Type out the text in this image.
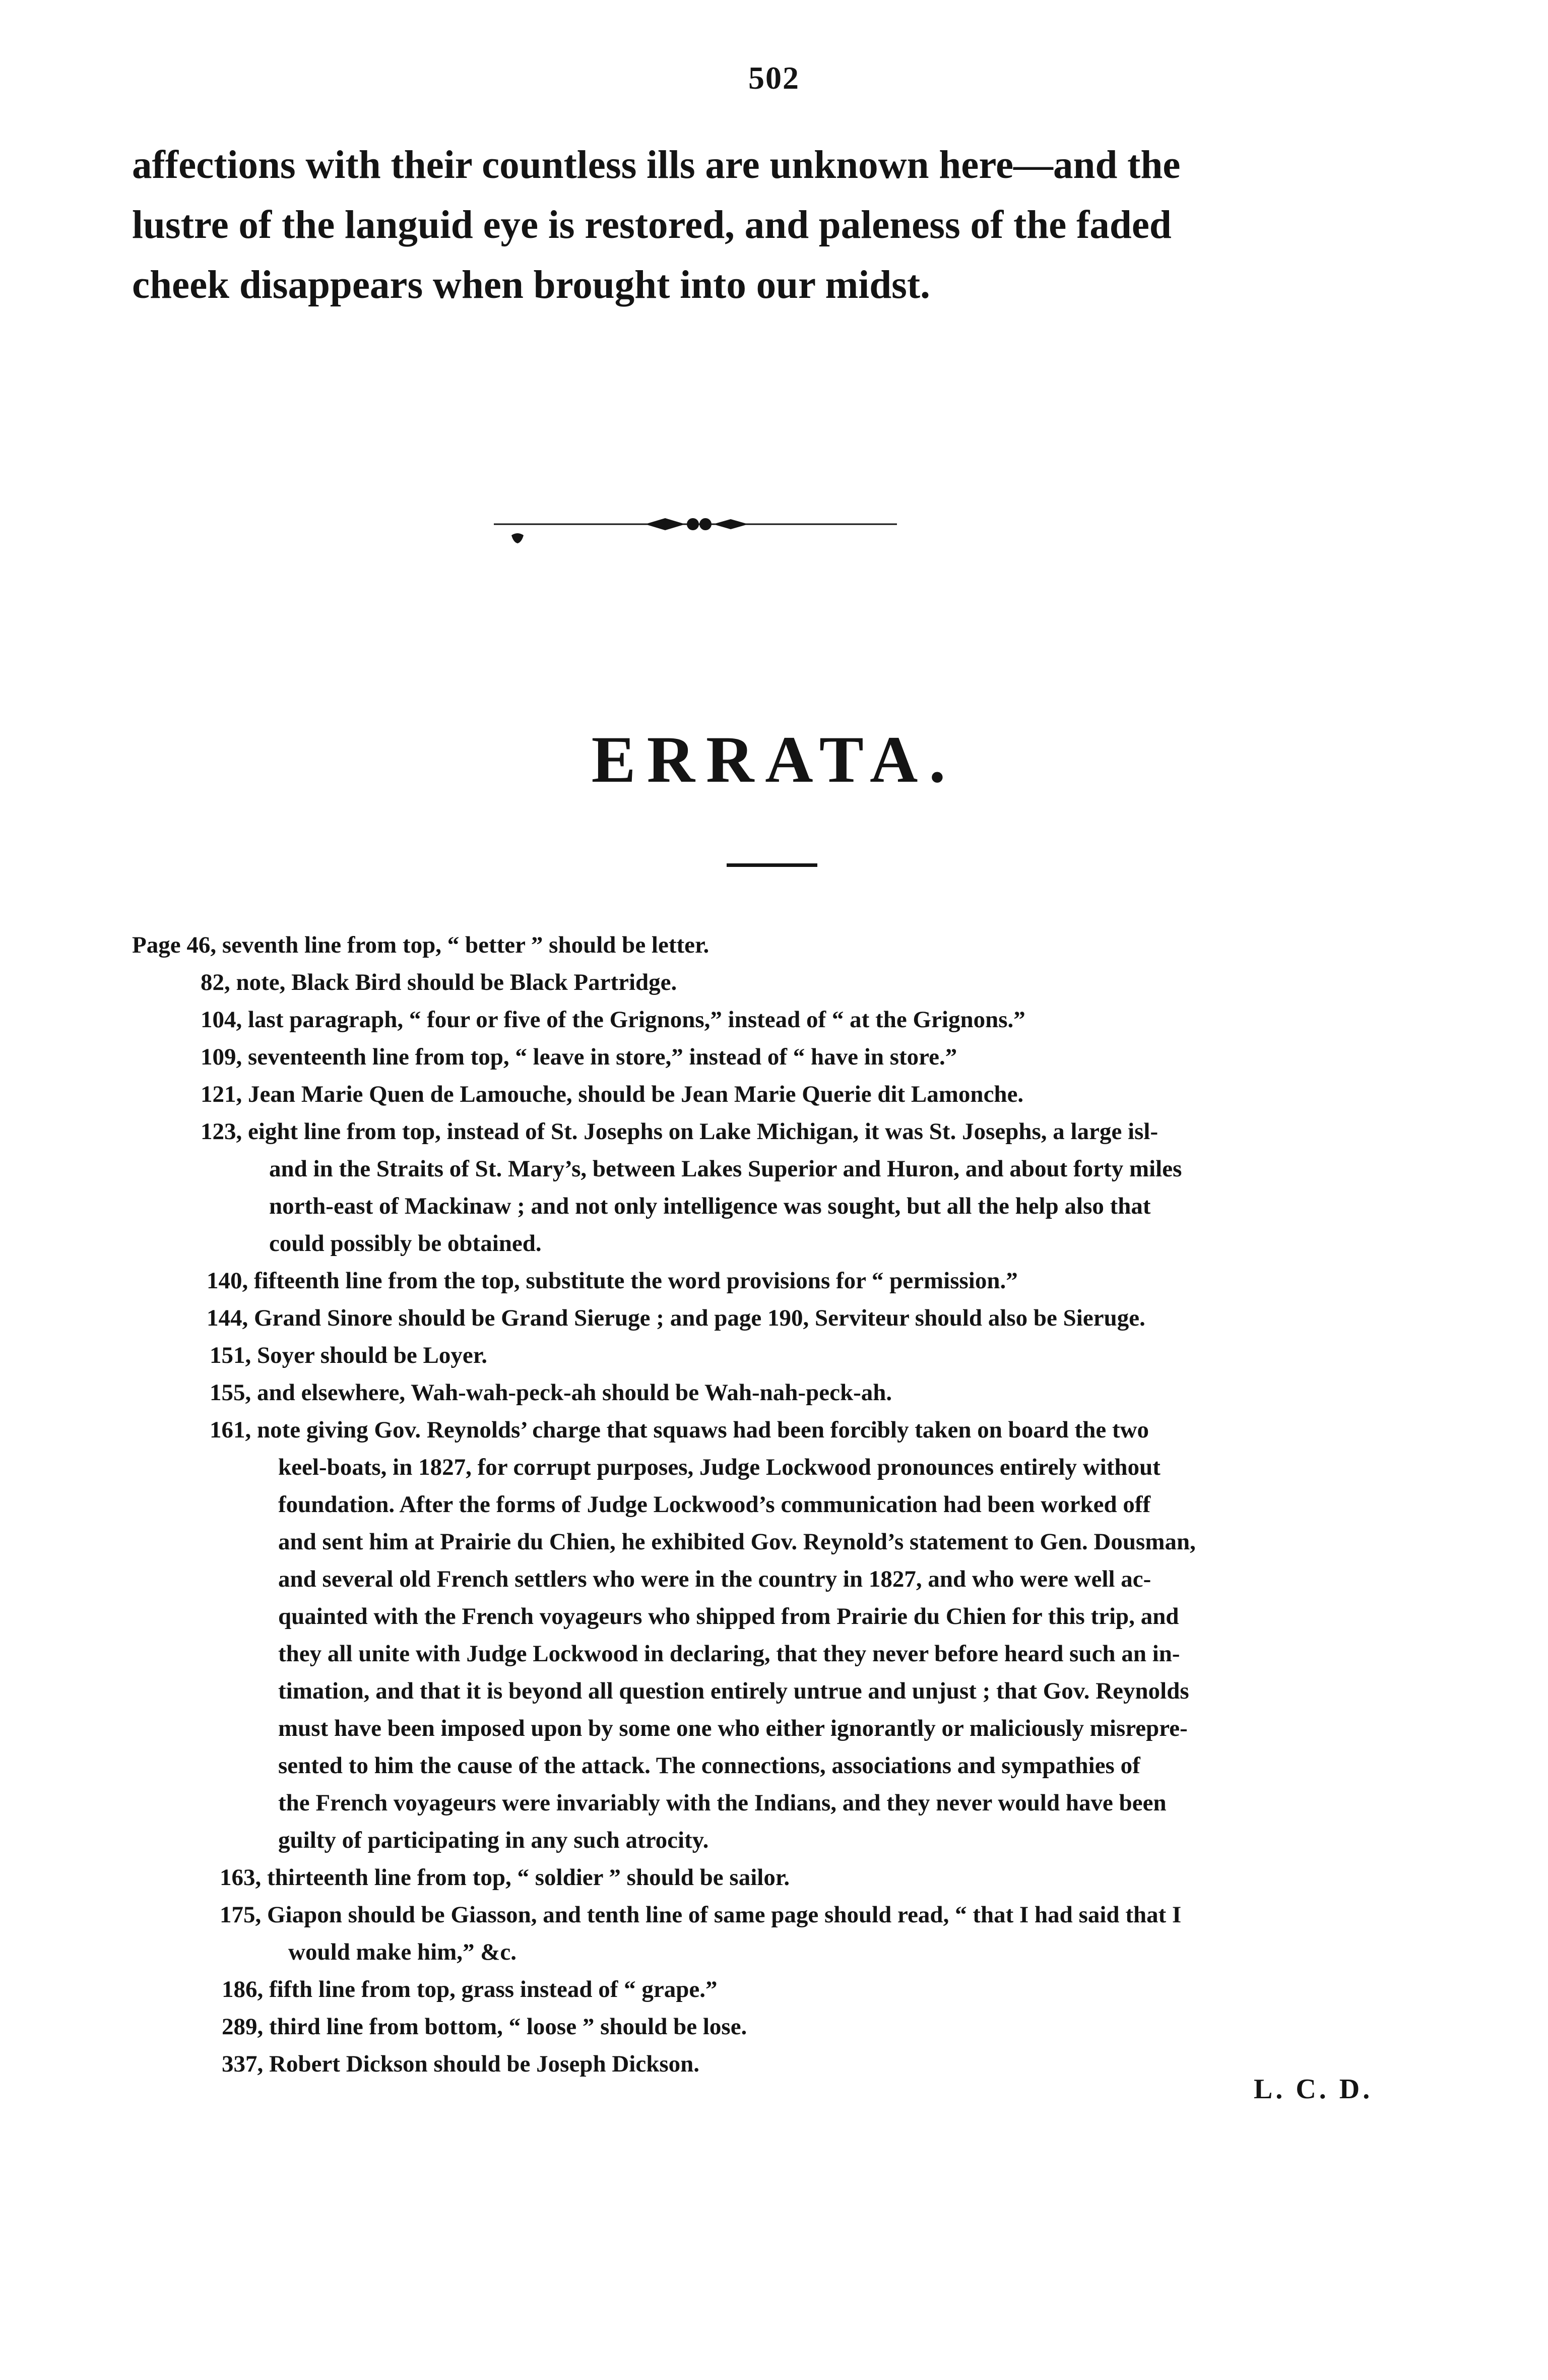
502
affections with their countless ills are unknown here—and the
lustre of the languid eye is restored, and paleness of the faded
cheek disappears when brought into our midst.
ERRATA.
Page 46, seventh line from top, “ better ” should be letter.
82, note, Black Bird should be Black Partridge.
104, last paragraph, “ four or five of the Grignons,” instead of “ at the Grignons.”
109, seventeenth line from top, “ leave in store,” instead of “ have in store.”
121, Jean Marie Quen de Lamouche, should be Jean Marie Querie dit Lamonche.
123, eight line from top, instead of St. Josephs on Lake Michigan, it was St. Josephs, a large isl-
and in the Straits of St. Mary’s, between Lakes Superior and Huron, and about forty miles
north-east of Mackinaw ; and not only intelligence was sought, but all the help also that
could possibly be obtained.
140, fifteenth line from the top, substitute the word provisions for “ permission.”
144, Grand Sinore should be Grand Sieruge ; and page 190, Serviteur should also be Sieruge.
151, Soyer should be Loyer.
155, and elsewhere, Wah-wah-peck-ah should be Wah-nah-peck-ah.
161, note giving Gov. Reynolds’ charge that squaws had been forcibly taken on board the two
keel-boats, in 1827, for corrupt purposes, Judge Lockwood pronounces entirely without
foundation. After the forms of Judge Lockwood’s communication had been worked off
and sent him at Prairie du Chien, he exhibited Gov. Reynold’s statement to Gen. Dousman,
and several old French settlers who were in the country in 1827, and who were well ac-
quainted with the French voyageurs who shipped from Prairie du Chien for this trip, and
they all unite with Judge Lockwood in declaring, that they never before heard such an in-
timation, and that it is beyond all question entirely untrue and unjust ; that Gov. Reynolds
must have been imposed upon by some one who either ignorantly or maliciously misrepre-
sented to him the cause of the attack. The connections, associations and sympathies of
the French voyageurs were invariably with the Indians, and they never would have been
guilty of participating in any such atrocity.
163, thirteenth line from top, “ soldier ” should be sailor.
175, Giapon should be Giasson, and tenth line of same page should read, “ that I had said that I
would make him,” &c.
186, fifth line from top, grass instead of “ grape.”
289, third line from bottom, “ loose ” should be lose.
337, Robert Dickson should be Joseph Dickson.
L. C. D.
